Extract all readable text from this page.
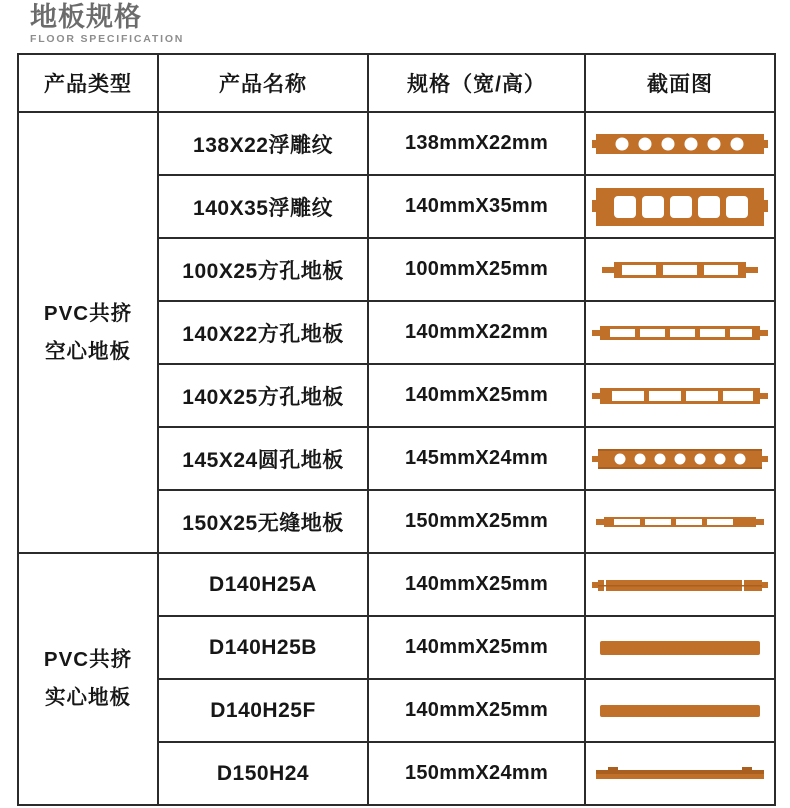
地板规格
FLOOR SPECIFICATION
产品类型	产品名称	规格（宽/高）	截面图

PVC共挤
空心地板	138X22浮雕纹	138mmX22mm	

	140X35浮雕纹	140mmX35mm	

	100X25方孔地板	100mmX25mm	

	140X22方孔地板	140mmX22mm	

	140X25方孔地板	140mmX25mm	

	145X24圆孔地板	145mmX24mm	

	150X25无缝地板	150mmX25mm	

PVC共挤
实心地板	D140H25A	140mmX25mm	

	D140H25B	140mmX25mm	

	D140H25F	140mmX25mm	

	D150H24	150mmX24mm	
